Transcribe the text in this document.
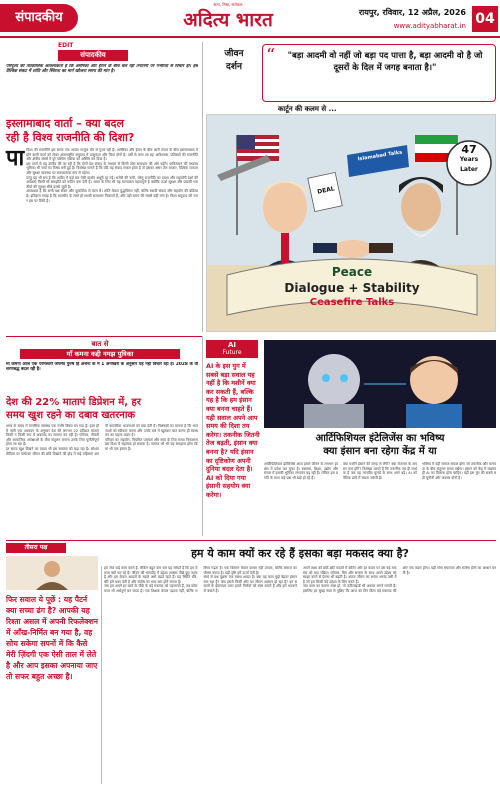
संपादकीय
सत्य, निष्ठा, सरोकार
अदित्य भारत	रायपुर, रविवार, 12 अप्रैल, 2026
www.adityabharat.in 04
EDIT
संपादकीय
परिदृश्य की तात्कालिक आवश्यकता है कि अमेरिका और ईरान के बीच चल रही तनातनी पर गंभीरता से विचार हो। इस वैश्विक संकट में शांति और स्थिरता का मार्ग खोजना समय की मांग है।
इस्लामाबाद वार्ता – क्या बदल
रही है विश्व राजनीति की दिशा?
पा विश्व की राजनीति इस समय एक अत्यंत नाजुक दौर से गुजर रही है। अमेरिका और ईरान के बीच जारी तनाव के बीच इस्लामाबाद में होने वाली वार्ता को लेकर अंतरराष्ट्रीय समुदाय में उत्सुकता और चिंता दोनों है। वर्षों से चला आ रहा अविश्वास, प्रतिबंधों की राजनीति और क्षेत्रीय संघर्ष ने पूरे पश्चिम एशिया को अस्थिर कर दिया है।
इस वार्ता से यह उम्मीद की जा रही है कि दोनों देश संवाद के माध्यम से किसी ठोस समाधान की ओर बढ़ेंगे। पाकिस्तान की मध्यस्थ भूमिका भी चर्चा का विषय बनी हुई है। विशेषज्ञ मानते हैं कि यदि यह संवाद सफल होता है तो इसका असर तेल बाजार, वैश्विक व्यापार और सुरक्षा व्यवस्था पर सकारात्मक रूप से पड़ेगा।
परंतु यह भी सच है कि अतीत में कई बार ऐसी वार्ताएं अधूरी रह गईं। भरोसे की कमी, घरेलू राजनीति का दबाव और सहयोगी देशों की अपेक्षाएं किसी भी समझौते को कठिन बना देती हैं। भारत के लिए भी यह घटनाक्रम महत्वपूर्ण है क्योंकि ऊर्जा सुरक्षा और प्रवासी भारतीयों की सुरक्षा सीधे इससे जुड़ी है।
आवश्यक है कि सभी पक्ष संयम और दूरदर्शिता से काम लें। शांति केवल युद्धविराम नहीं, बल्कि स्थायी संवाद और सहयोग की प्रक्रिया है। इतिहास गवाह है कि बातचीत के रास्ते ही स्थायी समाधान निकलते हैं, और यही समय की सबसे बड़ी मांग है। विश्व समुदाय की नजर इस पर टिकी है।
जीवन
दर्शन
“	"बड़ा आदमी वो नहीं जो बड़ा पद पात्ता है, बड़ा आदमी वो है जो दूसरों के दिल में जगह बनाता है।"
कार्टून की कलम से ...
47
Years
Later
DEAL
Islamabad Talks
Peace
Dialogue + Stability
Ceasefire Talks
बात से
माँ कमना कद्दी नमझ पुत्रिका
माँ कमना आज एक परमेश्वरी जगमेव पुरुष हि अर्चना के में 1 अनोखरी के अनुसार यह नहीं विचार रहा है। 2028 के वी चरणबद्ध बदल रही है।
देश की 22% मातापं डिप्रेशन में, हर
समय खुश रहने का दबाव खतरनाक
आज के समय में मानसिक स्वास्थ्य एक गंभीर विषय बन गया है। हाल ही में जारी एक अध्ययन के अनुसार देश की लगभग 22 प्रतिशत माताएं किसी न किसी रूप में अवसाद का सामना कर रही हैं। परिवार, नौकरी और सामाजिक अपेक्षाओं के बीच संतुलन बनाना उनके लिए चुनौतीपूर्ण होता जा रहा है।
हर समय खुश दिखने का दबाव भी इस समस्या को बढ़ा रहा है। सोशल मीडिया पर परफेक्ट जीवन की छवि दिखाने की होड़ में कई महिलाएं अपनी वास्तविक भावनाओं को दबा देती हैं। विशेषज्ञों का मानना है कि भावनाओं को स्वीकार करना और उनके बारे में खुलकर बात करना ही स्वस्थ मन का पहला कदम है।
परिवार का सहयोग, नियमित परामर्श और स्वयं के लिए समय निकालना इस दिशा में सहायक हो सकता है। समाज को भी यह समझना होगा कि मां भी एक इंसान है।
AI
Future
AI के इस युग में सबसे बड़ा सवाल यह नहीं है कि मशीनें क्या कर सकती हैं, बल्कि यह है कि हम इंसान क्या बनना चाहते हैं। यही सवाल अपने आप समय की दिशा तय करेगा। तकनीक जितनी तेज बढ़ती, इंसान क्या बनना है? यदि इंसान का दृष्टिकोण अपनी दुनिया बदल देता है। AI को दिया गया इंसानी सहयोग क्या करेगा।
आर्टिफिशियल इंटेलिजेंस का भविष्य
क्या इंसान बना रहेगा केंद्र में या
आर्टिफिशियल इंटेलिजेंस आज हमारे जीवन के लगभग हर क्षेत्र में प्रवेश कर चुका है। स्वास्थ्य, शिक्षा, उद्योग और संचार में इसकी भूमिका लगातार बढ़ रही है। लेकिन इस प्रगति के साथ कई प्रश्न भी खड़े हो रहे हैं।
क्या मशीनें इंसान की जगह ले लेंगी? क्या रोजगार के अवसर कम होंगे? विशेषज्ञ मानते हैं कि तकनीक तब ही सार्थक है जब वह मानवीय मूल्यों के साथ आगे बढ़े। AI को नैतिक ढांचे में रखना जरूरी है।
भविष्य में वही समाज सफल होगा जो तकनीक और मानवता के बीच संतुलन बनाए रखेगा। इंसान को केंद्र में रखकर ही AI का विकास होना चाहिए। यही इस युग की सबसे बड़ी चुनौती और अवसर दोनों है।
तीसरा पक्ष	हम ये काम क्यों कर रहे हैं इसका बड़ा मकसद क्या है?
फिर सवाल ये पूछें : यह पैटर्न क्या सच्चा ढंग है? आपकी यह रिश्ता असल में अपनी रिफलेक्शन में आँख-निर्मित बन गया है, वह सोच सकेगा सपनों में कि कैसे मेरी ज़िंदगी एक ऐसी ताल में लेते है और आप इसका अपनाया जाए तो सफर बहुत अच्छा है।
हम रोज कई काम करते हैं, लेकिन बहुत कम बार यह सोचते हैं कि हम ये काम क्यों कर रहे हैं। जीवन की भागदौड़ में उद्देश्य अक्सर पीछे छूट जाता है और हम केवल आदतों के सहारे आगे बढ़ते रहते हैं। यह स्थिति धीरे-धीरे हमें थका देती है और संतोष का भाव कम होने लगता है।
जब हम अपने हर कार्य के पीछे के बड़े मकसद को पहचानते हैं, तब छोटा काम भी अर्थपूर्ण बन जाता है। एक शिक्षक केवल पढ़ाता नहीं, बल्कि भविष्य गढ़ता है। एक किसान केवल फसल नहीं उगाता, बल्कि समाज का पोषण करता है। यही दृष्टि हमें ऊर्जा देती है।
स्वयं से प्रश्न पूछना एक स्वस्थ आदत है। क्या यह काम मुझे बेहतर इंसान बना रहा है? क्या इससे किसी और का जीवन आसान हो रहा है? इन सवालों के ईमानदार उत्तर हमारे निर्णयों को स्पष्ट बनाते हैं और हमें भटकने से बचाते हैं।
अपने लक्ष्य को छोटे-छोटे कदमों में बांटिए और हर कदम पर उस बड़े मकसद को याद रखिए। परिवार, मित्र और समाज के साथ अपने उद्देश्य को साझा करने से प्रेरणा भी बढ़ती है। अंततः जीवन का सच्चा आनंद उसी में है जो हम किसी बड़े उद्देश्य के लिए करते हैं।
जब काम का कारण स्पष्ट हो, तो कठिनाइयाँ भी अवसर लगने लगती हैं। इसलिए हर सुबह स्वयं से पूछिए कि आज का दिन किस बड़े मकसद की ओर एक कदम होगा। यही सोच सफलता और संतोष दोनों का आधार बनती है।
